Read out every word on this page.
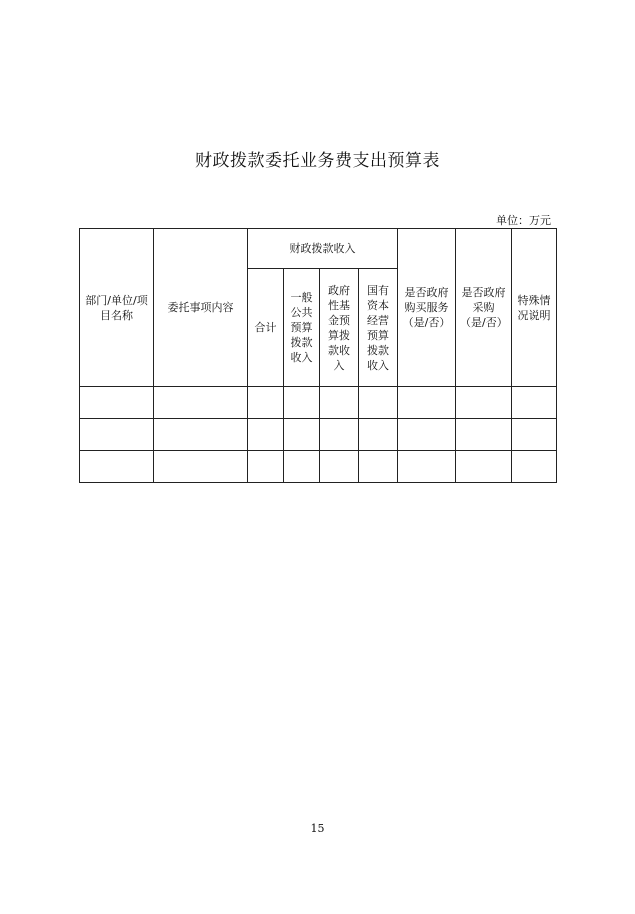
财政拨款委托业务费支出预算表
单位：万元
部门/单位/项目名称	委托事项内容	财政拨款收入				是否政府购买服务（是/否）	是否政府采购（是/否）	特殊情况说明
		合计	一般公共预算拨款收入	政府性基金预算拨款收入	国有资本经营预算拨款收入			

15
